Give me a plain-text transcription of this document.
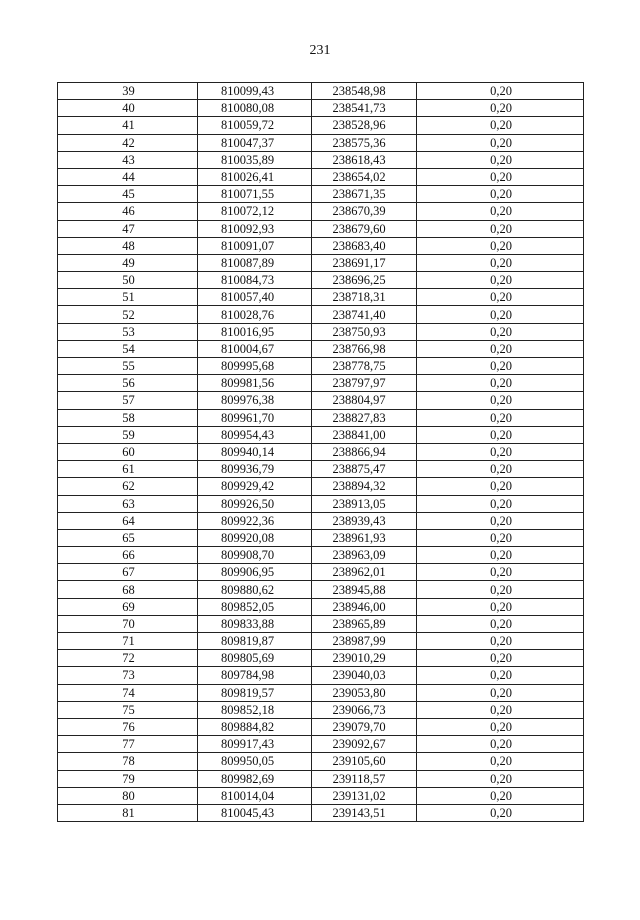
231
39	810099,43	238548,98	0,20
40	810080,08	238541,73	0,20
41	810059,72	238528,96	0,20
42	810047,37	238575,36	0,20
43	810035,89	238618,43	0,20
44	810026,41	238654,02	0,20
45	810071,55	238671,35	0,20
46	810072,12	238670,39	0,20
47	810092,93	238679,60	0,20
48	810091,07	238683,40	0,20
49	810087,89	238691,17	0,20
50	810084,73	238696,25	0,20
51	810057,40	238718,31	0,20
52	810028,76	238741,40	0,20
53	810016,95	238750,93	0,20
54	810004,67	238766,98	0,20
55	809995,68	238778,75	0,20
56	809981,56	238797,97	0,20
57	809976,38	238804,97	0,20
58	809961,70	238827,83	0,20
59	809954,43	238841,00	0,20
60	809940,14	238866,94	0,20
61	809936,79	238875,47	0,20
62	809929,42	238894,32	0,20
63	809926,50	238913,05	0,20
64	809922,36	238939,43	0,20
65	809920,08	238961,93	0,20
66	809908,70	238963,09	0,20
67	809906,95	238962,01	0,20
68	809880,62	238945,88	0,20
69	809852,05	238946,00	0,20
70	809833,88	238965,89	0,20
71	809819,87	238987,99	0,20
72	809805,69	239010,29	0,20
73	809784,98	239040,03	0,20
74	809819,57	239053,80	0,20
75	809852,18	239066,73	0,20
76	809884,82	239079,70	0,20
77	809917,43	239092,67	0,20
78	809950,05	239105,60	0,20
79	809982,69	239118,57	0,20
80	810014,04	239131,02	0,20
81	810045,43	239143,51	0,20
